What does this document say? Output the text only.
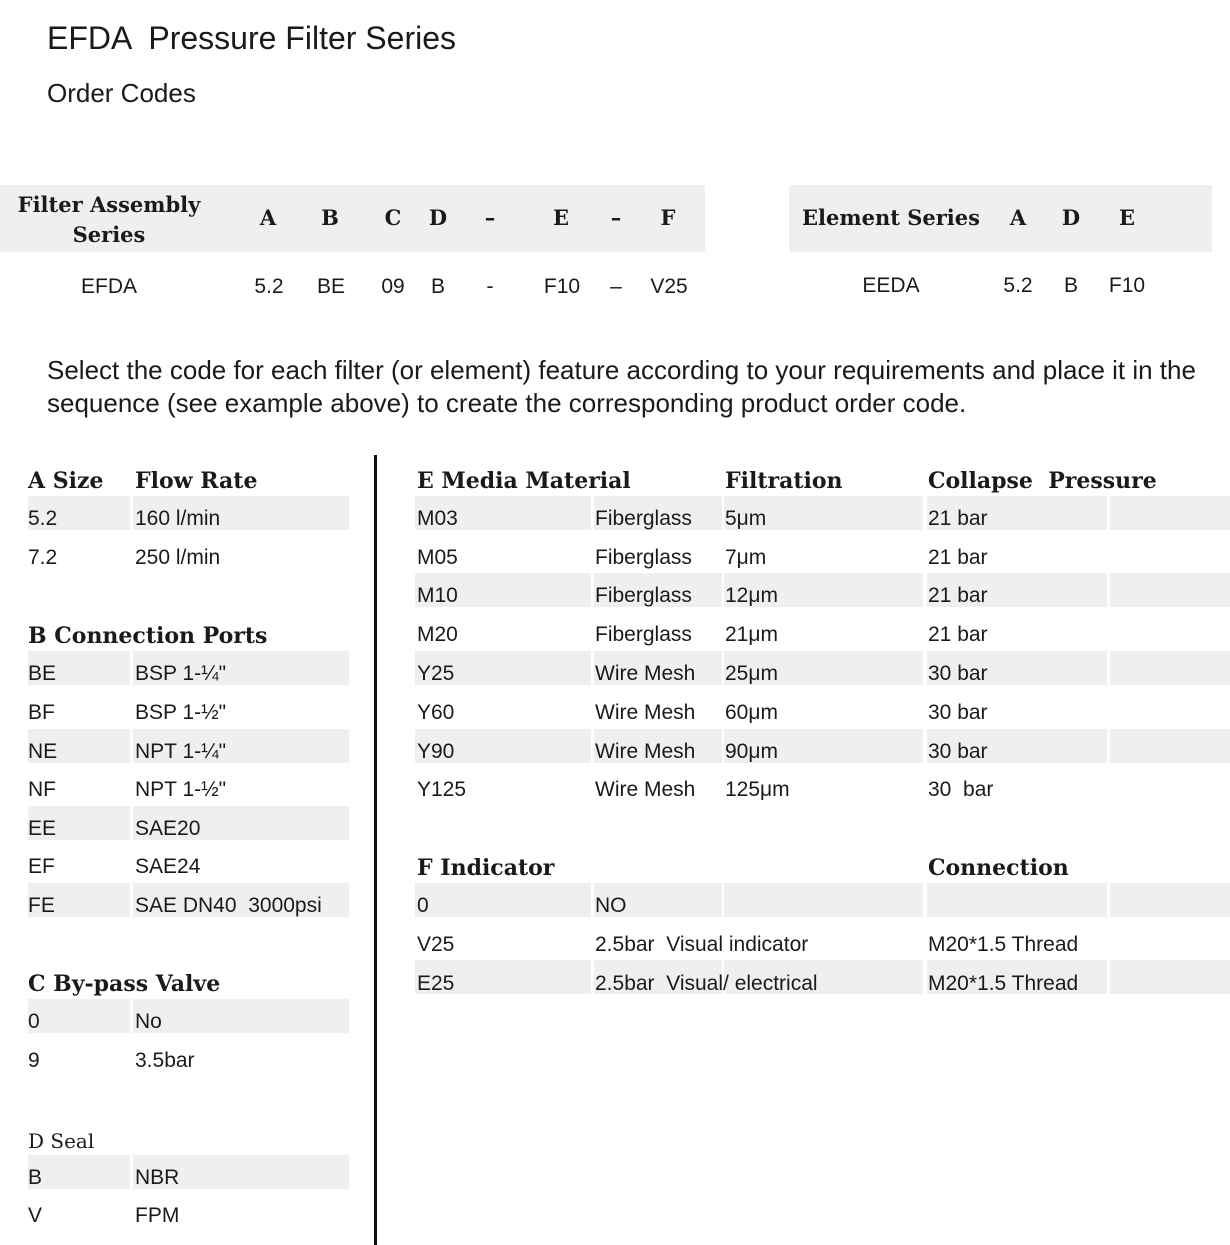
EFDA  Pressure Filter Series
Order Codes
Filter Assembly
Series
A	B	C	D	–	E	–	F
EFDA	5.2	BE	09	B	-	F10	–	V25
Element Series	A	D	E
EEDA	5.2	B	F10
Select the code for each filter (or element) feature according to your requirements and place it in the sequence (see example above) to create the corresponding product order code.
A Size Flow Rate
5.2	160 l/min
7.2	250 l/min
B Connection Ports
BE	BSP 1-¼"
BF	BSP 1-½"
NE	NPT 1-¼"
NF	NPT 1-½"
EE	SAE20
EF	SAE24
FE	SAE DN40  3000psi
C By-pass Valve
0	No
9	3.5bar
D Seal
B	NBR
V	FPM
E Media Material	Filtration	Collapse  Pressure
M03	Fiberglass 5μm	21 bar
M05	Fiberglass 7μm	21 bar
M10	Fiberglass 12μm	21 bar
M20	Fiberglass 21μm	21 bar
Y25	Wire Mesh 25μm	30 bar
Y60	Wire Mesh 60μm	30 bar
Y90	Wire Mesh 90μm	30 bar
Y125	Wire Mesh 125μm	30  bar
F Indicator	Connection
0	NO
V25	2.5bar  Visual indicator	M20*1.5 Thread
E25	2.5bar  Visual/ electrical	M20*1.5 Thread
